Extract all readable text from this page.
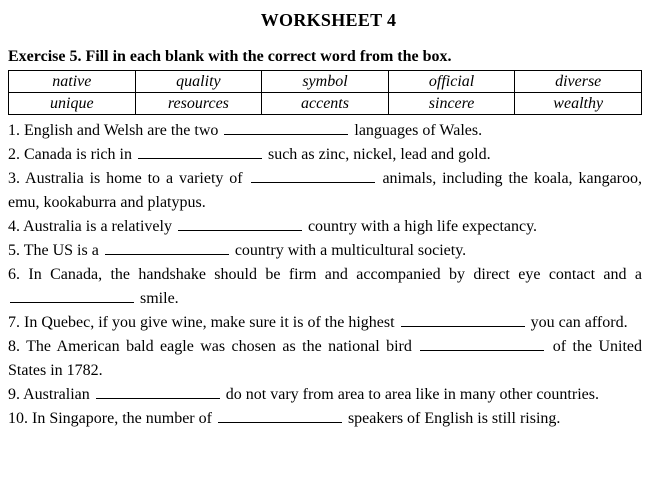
WORKSHEET 4
Exercise 5. Fill in each blank with the correct word from the box.
native	quality	symbol	official	diverse
unique	resources	accents	sincere	wealthy
1. English and Welsh are the two	languages of Wales.
2. Canada is rich in	such as zinc, nickel, lead and gold.
3. Australia is home to a variety of	animals, including the koala, kangaroo, emu, kookaburra and platypus.
4. Australia is a relatively	country with a high life expectancy.
5. The US is a	country with a multicultural society.
6. In Canada, the handshake should be firm and accompanied by direct eye contact and a  smile.
7. In Quebec, if you give wine, make sure it is of the highest	you can afford.
8. The American bald eagle was chosen as the national bird	of the United States in 1782.
9. Australian	do not vary from area to area like in many other countries.
10. In Singapore, the number of	speakers of English is still rising.
